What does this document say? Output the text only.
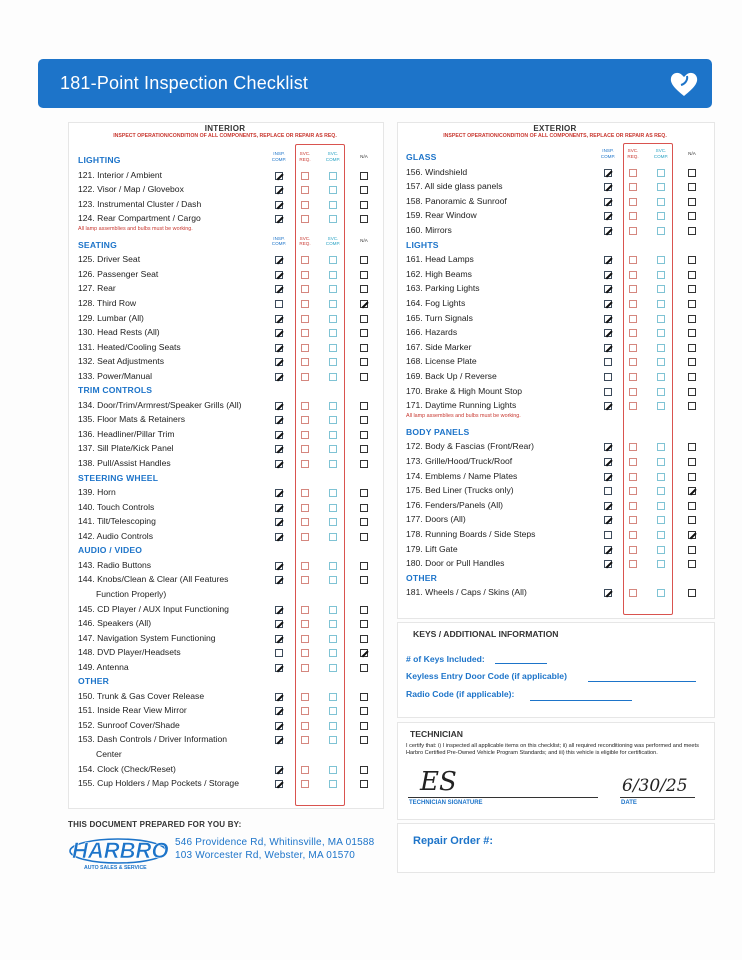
181-Point Inspection Checklist
INTERIOR
INSPECT OPERATION/CONDITION OF ALL COMPONENTS, REPLACE OR REPAIR AS REQ.
LIGHTING
INSP.
COMP.
SVC.
REQ.
SVC.
COMP.
N/A
121. Interior / Ambient
122. Visor / Map / Glovebox
123. Instrumental Cluster / Dash
124. Rear Compartment / Cargo
All lamp assemblies and bulbs must be working.
SEATING
INSP.
COMP.
SVC.
REQ.
SVC.
COMP.
N/A
125. Driver Seat
126. Passenger Seat
127. Rear
128. Third Row
129. Lumbar (All)
130. Head Rests (All)
131. Heated/Cooling Seats
132. Seat Adjustments
133. Power/Manual
TRIM CONTROLS
134. Door/Trim/Armrest/Speaker Grills (All)
135. Floor Mats & Retainers
136. Headliner/Pillar Trim
137. Sill Plate/Kick Panel
138. Pull/Assist Handles
STEERING WHEEL
139. Horn
140. Touch Controls
141. Tilt/Telescoping
142. Audio Controls
AUDIO / VIDEO
143. Radio Buttons
144. Knobs/Clean & Clear (All Features
Function Properly)
145. CD Player / AUX Input Functioning
146. Speakers (All)
147. Navigation System Functioning
148. DVD Player/Headsets
149. Antenna
OTHER
150. Trunk & Gas Cover Release
151. Inside Rear View Mirror
152. Sunroof Cover/Shade
153. Dash Controls / Driver Information
Center
154. Clock (Check/Reset)
155. Cup Holders / Map Pockets / Storage
EXTERIOR
INSPECT OPERATION/CONDITION OF ALL COMPONENTS, REPLACE OR REPAIR AS REQ.
GLASS
INSP.
COMP.
SVC.
REQ.
SVC.
COMP.
N/A
156. Windshield
157. All side glass panels
158. Panoramic & Sunroof
159. Rear Window
160. Mirrors
LIGHTS
161. Head Lamps
162. High Beams
163. Parking Lights
164. Fog Lights
165. Turn Signals
166. Hazards
167. Side Marker
168. License Plate
169. Back Up / Reverse
170. Brake & High Mount Stop
171. Daytime Running Lights
All lamp assemblies and bulbs must be working.
BODY PANELS
172. Body & Fascias (Front/Rear)
173. Grille/Hood/Truck/Roof
174. Emblems / Name Plates
175. Bed Liner (Trucks only)
176. Fenders/Panels (All)
177. Doors (All)
178. Running Boards / Side Steps
179. Lift Gate
180. Door or Pull Handles
OTHER
181. Wheels / Caps / Skins (All)
KEYS / ADDITIONAL INFORMATION
# of Keys Included:
Keyless Entry Door Code (if applicable)
Radio Code (if applicable):
TECHNICIAN
I certify that: i) I inspected all applicable items on this checklist; ii) all required reconditioning was performed and meets Harbro Certified Pre-Owned Vehicle Program Standards; and iii) this vehicle is eligible for certification.
ES
TECHNICIAN SIGNATURE
6/30/25
DATE
Repair Order #:
THIS DOCUMENT PREPARED FOR YOU BY:
HARBRO
AUTO SALES & SERVICE
546 Providence Rd, Whitinsville, MA 01588
103 Worcester Rd, Webster, MA 01570
